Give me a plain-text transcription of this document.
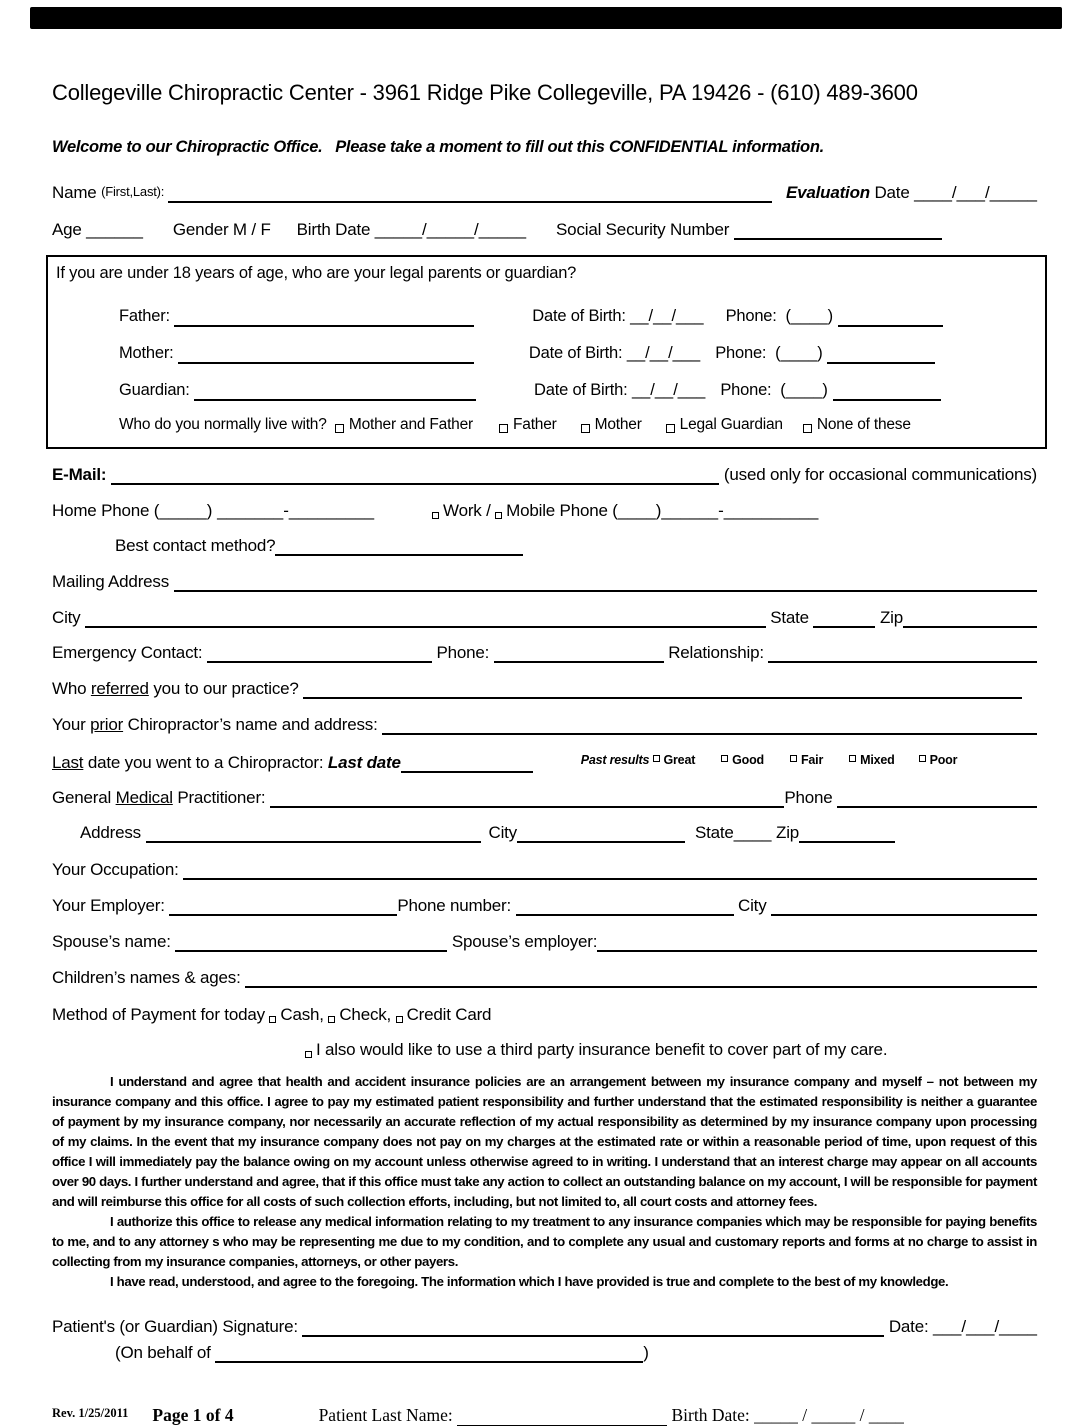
Collegeville Chiropractic Center - 3961 Ridge Pike Collegeville, PA 19426 - (610) 489-3600
Welcome to our Chiropractic Office.   Please take a moment to fill out this CONFIDENTIAL information.
Name (First,Last):	Evaluation Date ____/___/_____
Age ______ Gender M / F Birth Date _____/_____/_____ Social Security Number
If you are under 18 years of age, who are your legal parents or guardian?
Father:	Date of Birth: __/__/___ Phone: (____)
Mother:	Date of Birth: __/__/___ Phone: (____)
Guardian:	Date of Birth: __/__/___ Phone: (____)
Who do you normally live with? Mother and Father	Father Mother Legal Guardian None of these
E-Mail:	(used only for occasional communications)
Home Phone (_____) _______-_________	Work / Mobile Phone (____)______-__________
Best contact method?
Mailing Address
City	State	Zip
Emergency Contact:	Phone:	Relationship:
Who referred you to our practice?
Your prior Chiropractor’s name and address:
Last date you went to a Chiropractor: Last date	Past results Great	Good	Fair	Mixed	Poor
General Medical Practitioner:	Phone
Address	City	State ____ Zip
Your Occupation:
Your Employer:	Phone number:	City
Spouse’s name:	Spouse’s employer:
Children’s names & ages:
Method of Payment for today Cash, Check, Credit Card
I also would like to use a third party insurance benefit to cover part of my care.

I understand and agree that health and accident insurance policies are an arrangement between my insurance company and myself – not between my insurance company and this office. I agree to pay my estimated patient responsibility and further understand that the estimated responsibility is neither a guarantee of payment by my insurance company, nor necessarily an accurate reflection of my actual responsibility as determined by my insurance company upon processing of my claims. In the event that my insurance company does not pay on my charges at the estimated rate or within a reasonable period of time, upon request of this office I will immediately pay the balance owing on my account unless otherwise agreed to in writing. I understand that an interest charge may appear on all accounts over 90 days. I further understand and agree, that if this office must take any action to collect an outstanding balance on my account, I will be responsible for payment and will reimburse this office for all costs of such collection efforts, including, but not limited to, all court costs and attorney fees.

I authorize this office to release any medical information relating to my treatment to any insurance companies which may be responsible for paying benefits to me, and to any attorney s who may be representing me due to my condition, and to complete any usual and customary reports and forms at no charge to assist in collecting from my insurance companies, attorneys, or other payers.

I have read, understood, and agree to the foregoing. The information which I have provided is true and complete to the best of my knowledge.

Patient's (or Guardian) Signature:	Date: ___/___/____
(On behalf of	)
Rev. 1/25/2011 Page 1 of 4	Patient Last Name:	Birth Date: _____ / _____ / ____
